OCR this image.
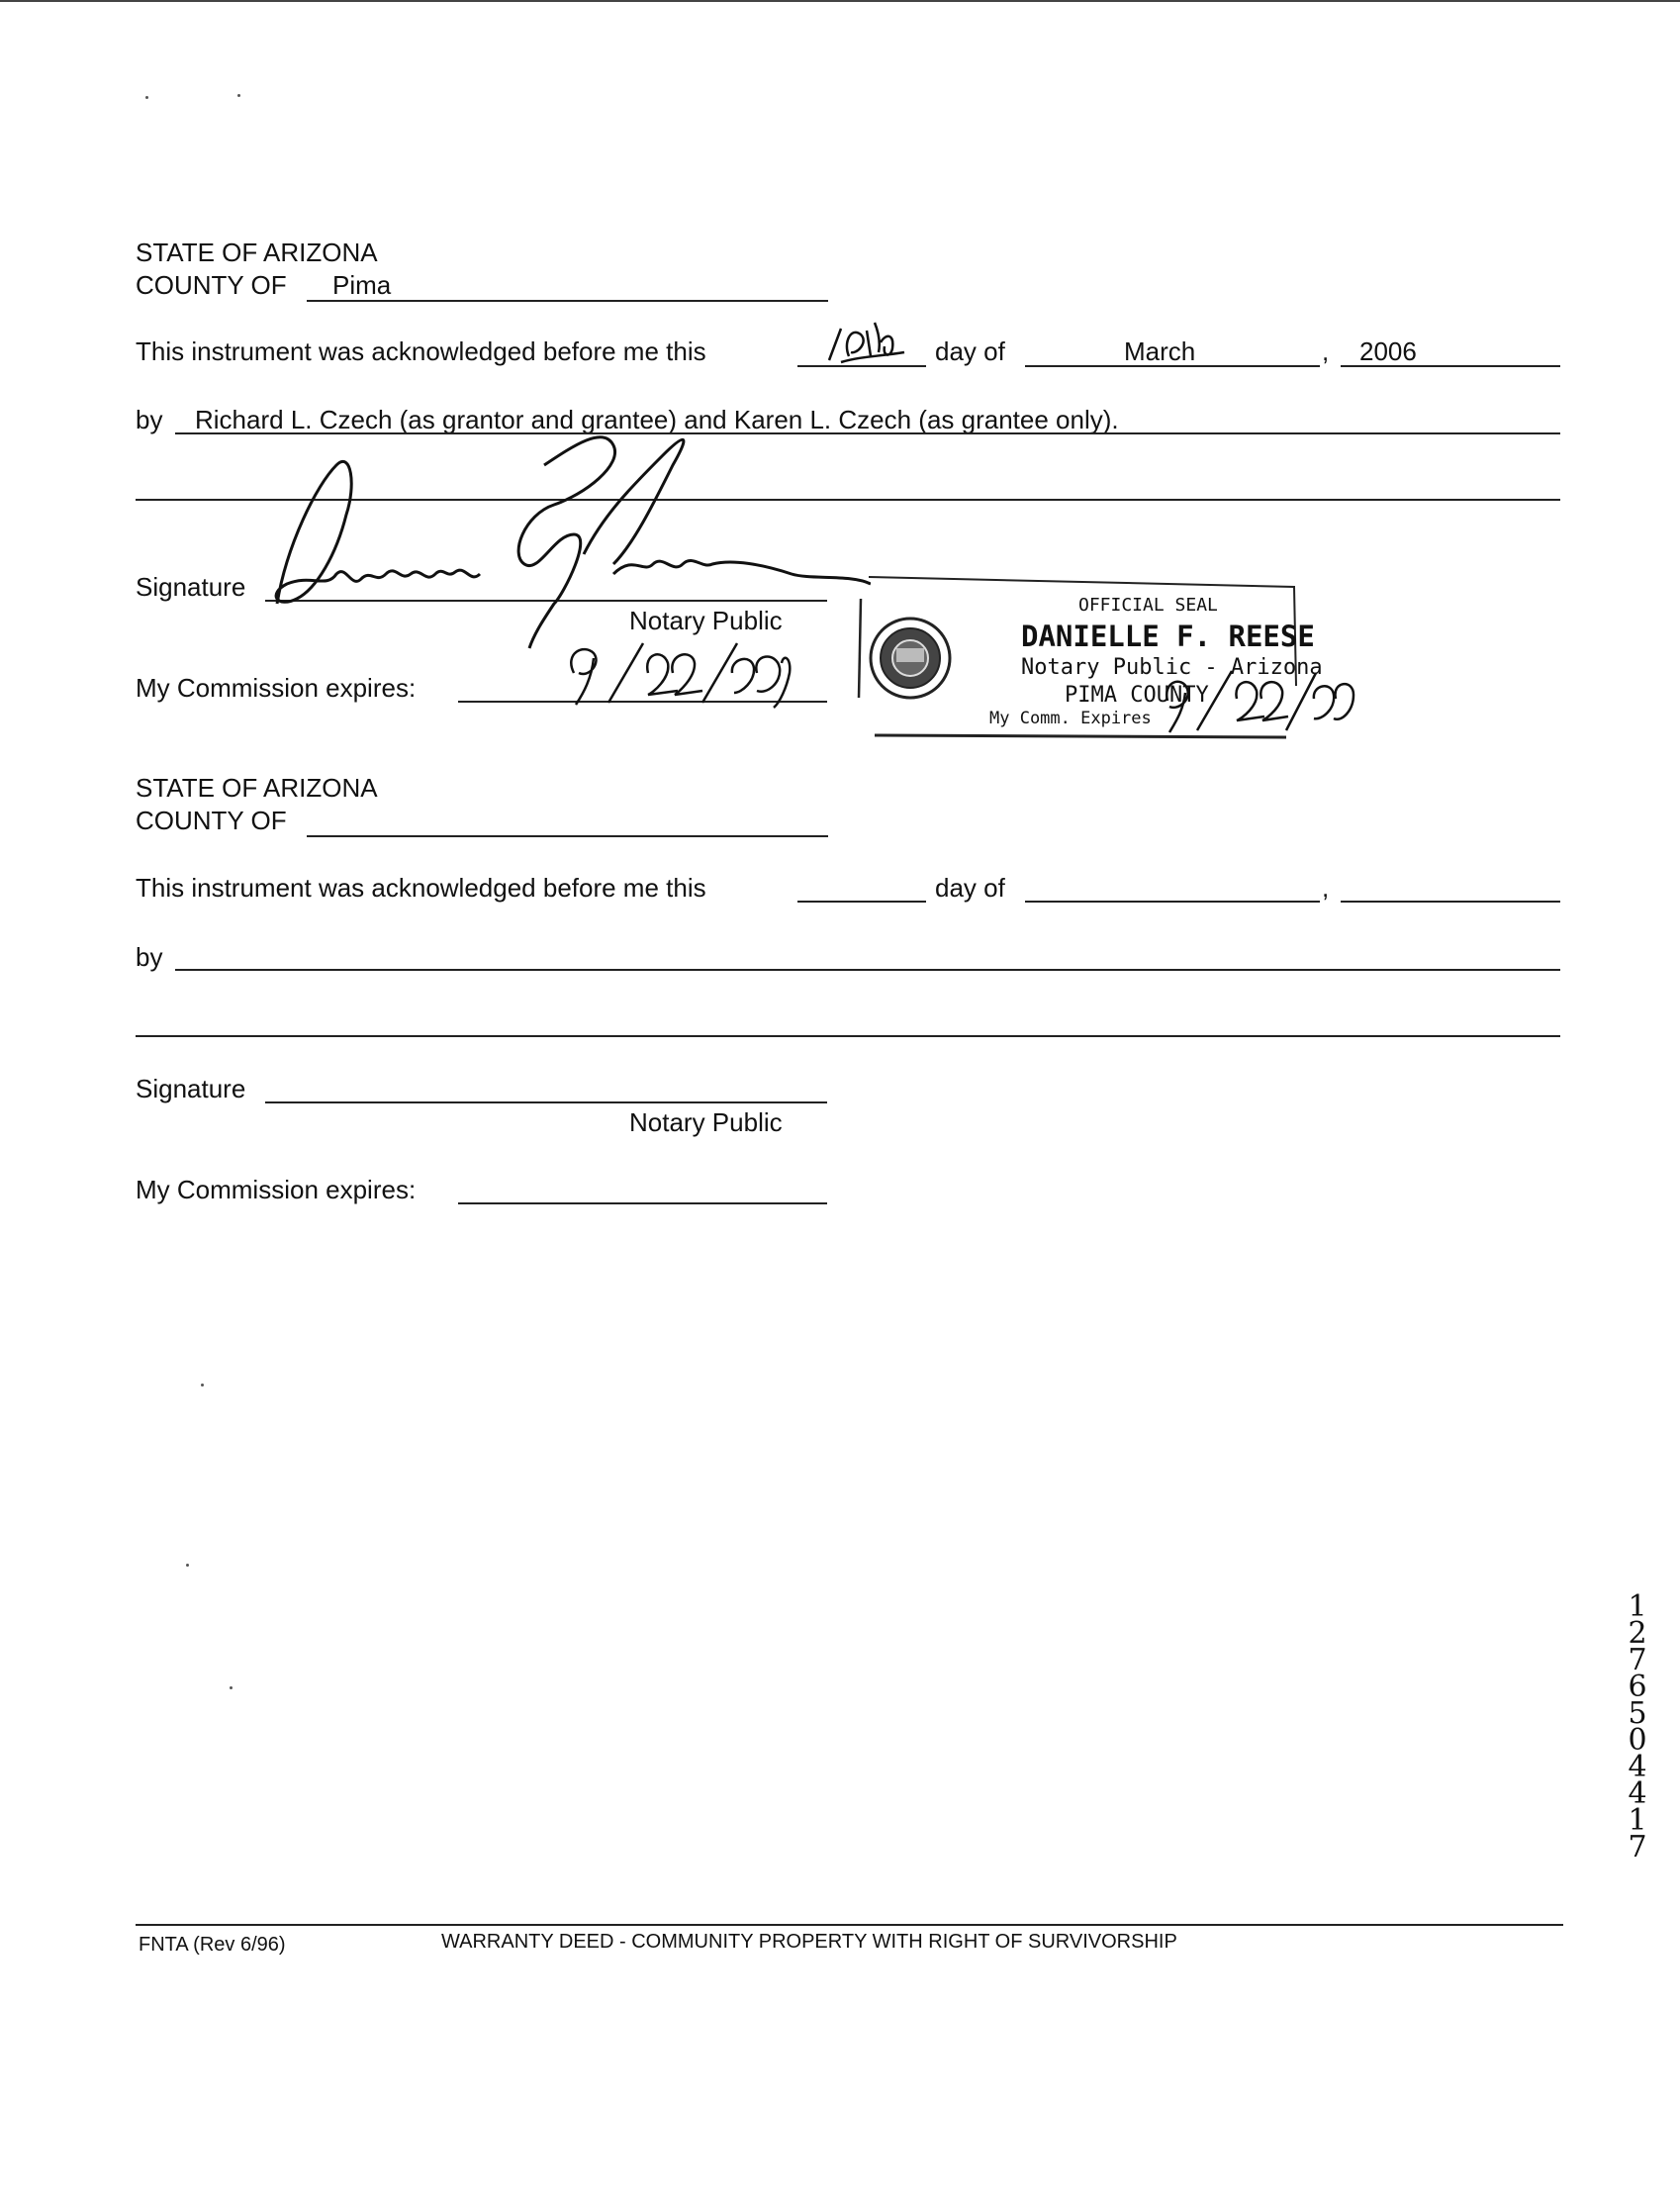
STATE OF ARIZONA
COUNTY OF Pima
This instrument was acknowledged before me this	day of	March	, 2006
by Richard L. Czech (as grantor and grantee) and Karen L. Czech (as grantee only).
Signature
Notary Public
My Commission expires:
OFFICIAL SEAL
DANIELLE F. REESE
Notary Public - Arizona
PIMA COUNTY
My Comm. Expires
STATE OF ARIZONA
COUNTY OF
This instrument was acknowledged before me this	day of	,
by
Signature
Notary Public
My Commission expires:
12765 04417
FNTA (Rev 6/96)	WARRANTY DEED - COMMUNITY PROPERTY WITH RIGHT OF SURVIVORSHIP
